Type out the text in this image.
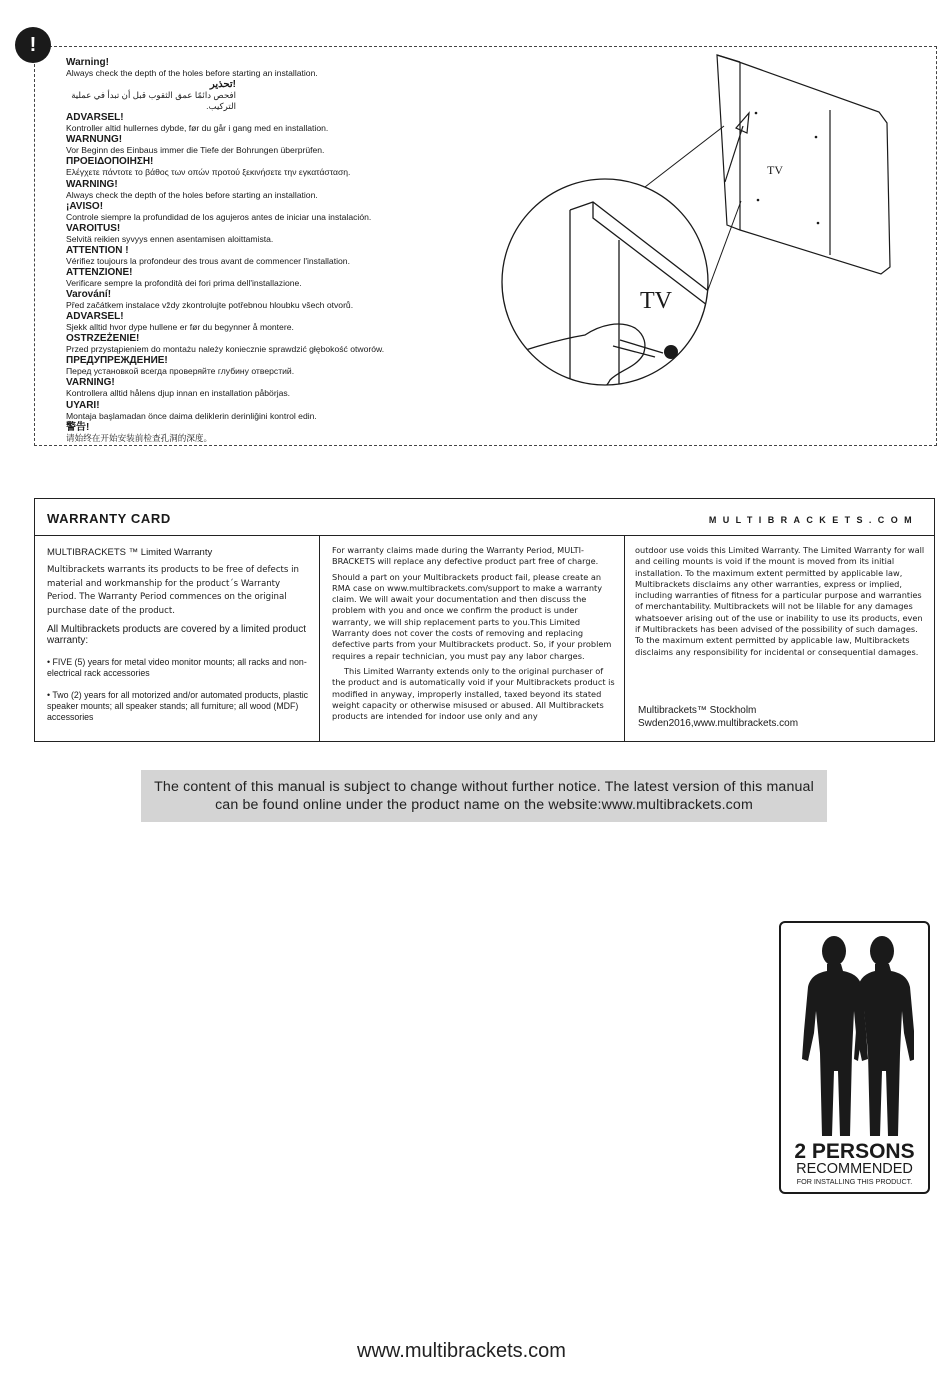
!
Warning!
Always check the depth of the holes before starting an installation.
!تحذير
افحص دائمًا عمق الثقوب قبل أن تبدأ في عملية التركيب.
ADVARSEL!
Kontroller altid hullernes dybde, før du går i gang med en installation.
WARNUNG!
Vor Beginn des Einbaus immer die Tiefe der Bohrungen überprüfen.
ΠΡΟΕΙΔΟΠΟΙΗΣΗ!
Ελέγχετε πάντοτε το βάθος των οπών προτού ξεκινήσετε την εγκατάσταση.
WARNING!
Always check the depth of the holes before starting an installation.
¡AVISO!
Controle siempre la profundidad de los agujeros antes de iniciar una instalación.
VAROITUS!
Selvitä reikien syvyys ennen asentamisen aloittamista.
ATTENTION !
Vérifiez toujours la profondeur des trous avant de commencer l'installation.
ATTENZIONE!
Verificare sempre la profondità dei fori prima dell'installazione.
Varování!
Před začátkem instalace vždy zkontrolujte potřebnou hloubku všech otvorů.
ADVARSEL!
Sjekk alltid hvor dype hullene er før du begynner å montere.
OSTRZEŻENIE!
Przed przystąpieniem do montażu należy koniecznie sprawdzić głębokość otworów.
ПРЕДУПРЕЖДЕНИЕ!
Перед установкой всегда проверяйте глубину отверстий.
VARNING!
Kontrollera alltid hålens djup innan en installation påbörjas.
UYARI!
Montaja başlamadan önce daima deliklerin derinliğini kontrol edin.
警告!
请始终在开始安装前检查孔洞的深度。
TV
TV
WARRANTY CARD	MULTIBRACKETS.COM

MULTIBRACKETS ™ Limited Warranty

Multibrackets warrants its products to be free of defects in material and workmanship for the product´s Warranty Period. The Warranty Period commences on the original purchase date of the product.

All Multibrackets products are covered by a limited product warranty:

• FIVE (5) years for metal video monitor mounts; all racks and non-electrical rack accessories

• Two (2) years for all motorized and/or automated products, plastic speaker mounts; all speaker stands; all furniture; all wood (MDF) accessories

For warranty claims made during the Warranty Period, MULTI-BRACKETS will replace any defective product part free of charge.

Should a part on your Multibrackets product fail, please create an RMA case on www.multibrackets.com/support to make a warranty claim. We will await your documentation and then discuss the problem with you and once we confirm the product is under warranty, we will ship replacement parts to you.This Limited Warranty does not cover the costs of removing and replacing defective parts from your Multibrackets product. So, if your problem requires a repair technician, you must pay any labor charges.

This Limited Warranty extends only to the original purchaser of the product and is automatically void if your Multibrackets product is modified in anyway, improperly installed, taxed beyond its stated weight capacity or otherwise misused or abused. All Multibrackets products are intended for indoor use only and any

outdoor use voids this Limited Warranty. The Limited Warranty for wall and ceiling mounts is void if the mount is moved from its initial installation. To the maximum extent permitted by applicable law, Multibrackets disclaims any other warranties, express or implied, including warranties of fitness for a particular purpose and warranties of merchantability. Multibrackets will not be lilable for any damages whatsoever arising out of the use or inability to use its products, even if Multibrackets has been advised of the possibility of such damages. To the maximum extent permitted by applicable law, Multibrackets disclaims any responsibility for incidental or consequential damages.

Multibrackets™ Stockholm
Swden2016,www.multibrackets.com
The content of this manual is subject to change without further notice. The latest version of this manual can be found online under the product name on the website:www.multibrackets.com
2 PERSONS
RECOMMENDED
FOR INSTALLING THIS PRODUCT.
www.multibrackets.com
